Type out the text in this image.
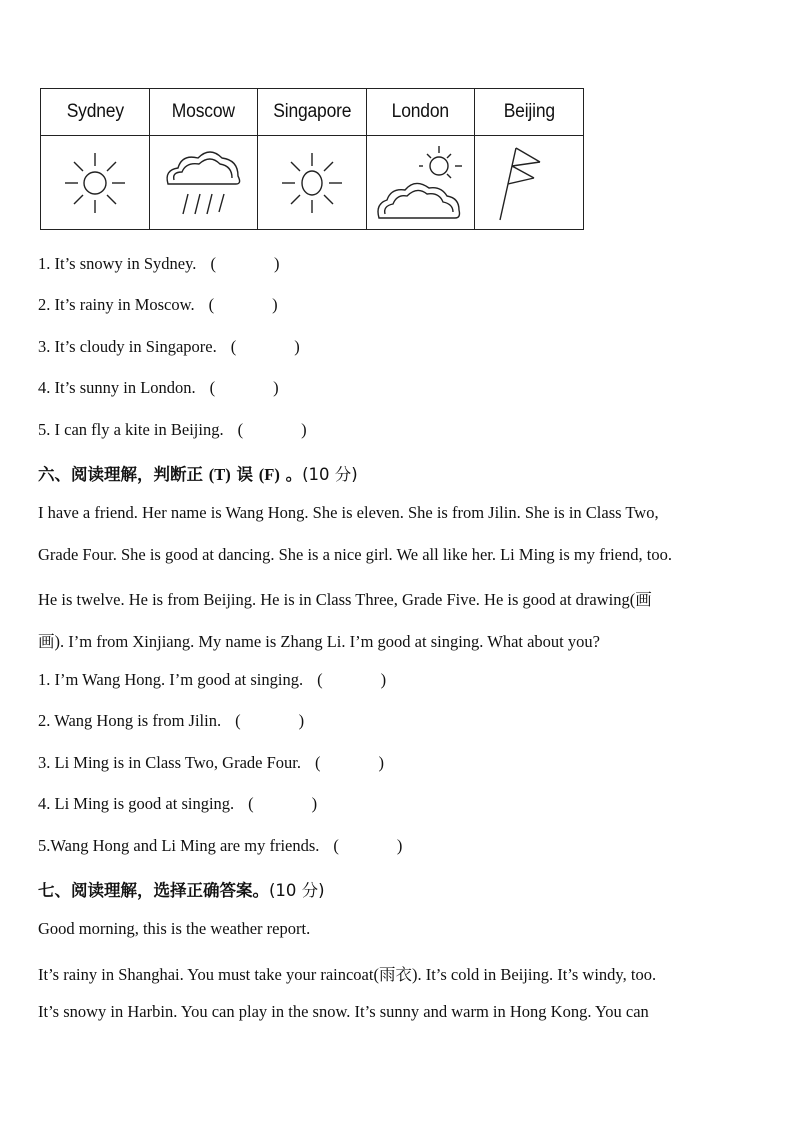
Sydney	Moscow	Singapore	London	Beijing

1. It’s snowy in Sydney. (	)
2. It’s rainy in Moscow. (	)
3. It’s cloudy in Singapore. (	)
4. It’s sunny in London. (	)
5. I can fly a kite in Beijing. (	)
六、阅读理解，判断正 (T) 误 (F) 。(10 分)
I have a friend. Her name is Wang Hong. She is eleven. She is from Jilin. She is in Class Two,
Grade Four. She is good at dancing. She is a nice girl. We all like her. Li Ming is my friend, too.
He is twelve. He is from Beijing. He is in Class Three, Grade Five. He is good at drawing(画
画). I’m from Xinjiang. My name is Zhang Li. I’m good at singing. What about you?
1. I’m Wang Hong. I’m good at singing. (	)
2. Wang Hong is from Jilin. (	)
3. Li Ming is in Class Two, Grade Four. (	)
4. Li Ming is good at singing. (	)
5.Wang Hong and Li Ming are my friends. (	)
七、阅读理解，选择正确答案。(10 分)
Good morning, this is the weather report.
It’s rainy in Shanghai. You must take your raincoat(雨衣). It’s cold in Beijing. It’s windy, too.
It’s snowy in Harbin. You can play in the snow. It’s sunny and warm in Hong Kong. You can
